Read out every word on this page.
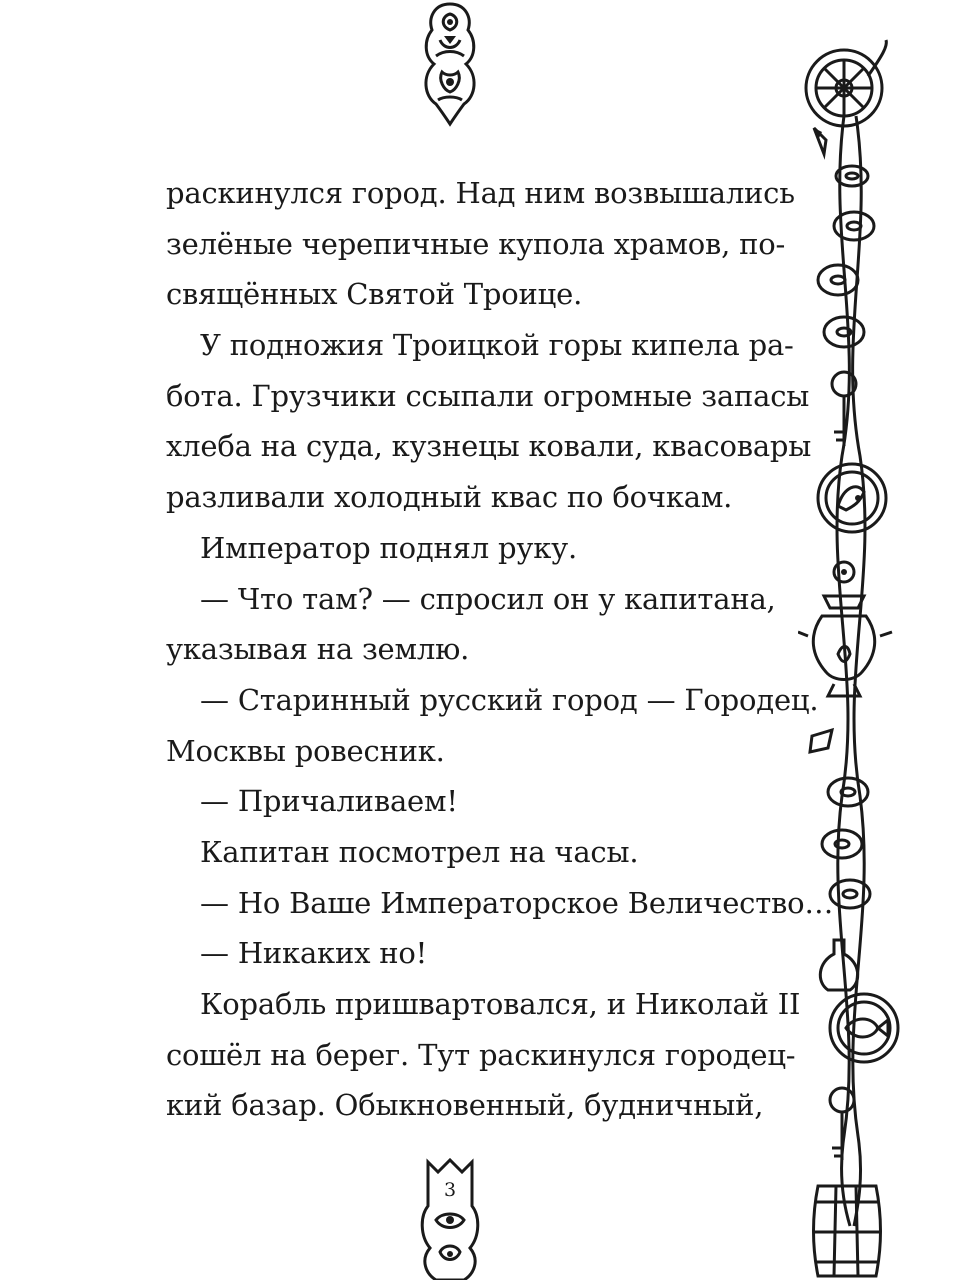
раскинулся город. Над ним возвышались
зелёные черепичные купола храмов, по-
свящённых Святой Троице.
У подножия Троицкой горы кипела ра-
бота. Грузчики ссыпали огромные запасы
хлеба на суда, кузнецы ковали, квасовары
разливали холодный квас по бочкам.
Император поднял руку.
— Что там? — спросил он у капитана,
указывая на землю.
— Старинный русский город — Городец.
Москвы ровесник.
— Причаливаем!
Капитан посмотрел на часы.
— Но Ваше Императорское Величество…
— Никаких но!
Корабль пришвартовался, и Николай II
сошёл на берег. Тут раскинулся городец-
кий базар. Обыкновенный, будничный,
3
